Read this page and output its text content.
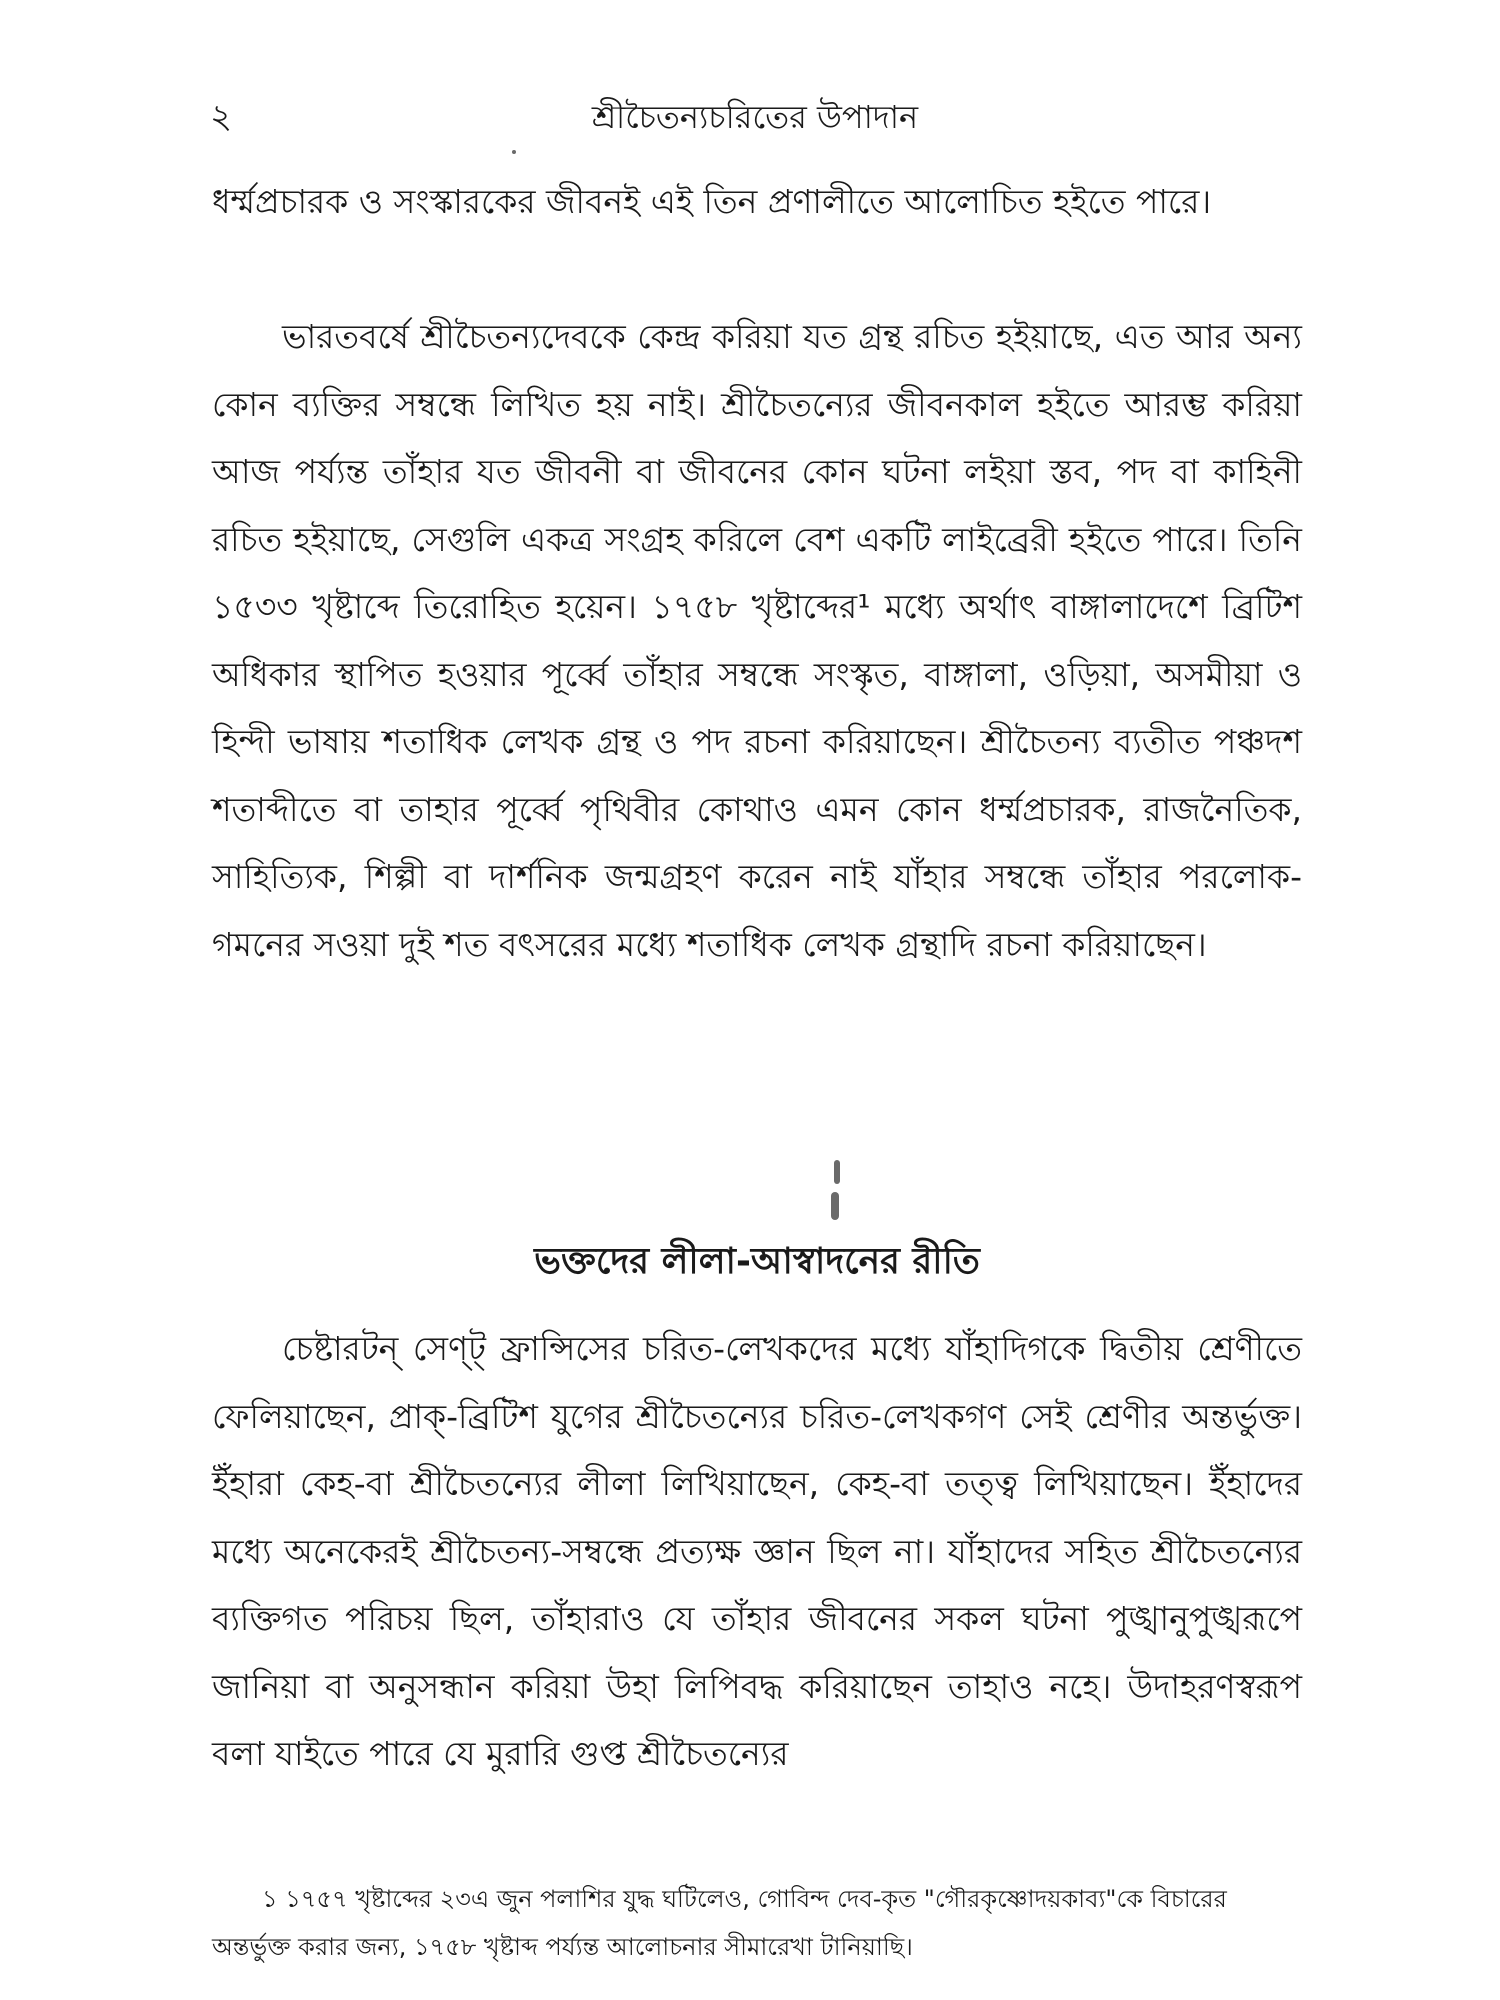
২	শ্রীচৈতন্যচরিতের উপাদান

ধর্ম্মপ্রচারক ও সংস্কারকের জীবনই এই তিন প্রণালীতে আলোচিত হইতে পারে।

ভারতবর্ষে শ্রীচৈতন্যদেবকে কেন্দ্র করিয়া যত গ্রন্থ রচিত হইয়াছে, এত আর অন্য কোন ব্যক্তির সম্বন্ধে লিখিত হয় নাই। শ্রীচৈতন্যের জীবনকাল হইতে আরম্ভ করিয়া আজ পর্য্যন্ত তাঁহার যত জীবনী বা জীবনের কোন ঘটনা লইয়া স্তব, পদ বা কাহিনী রচিত হইয়াছে, সেগুলি একত্র সংগ্রহ করিলে বেশ একটি লাইব্রেরী হইতে পারে। তিনি ১৫৩৩ খৃষ্টাব্দে তিরোহিত হয়েন। ১৭৫৮ খৃষ্টাব্দের¹ মধ্যে অর্থাৎ বাঙ্গালাদেশে ব্রিটিশ অধিকার স্থাপিত হওয়ার পূর্ব্বে তাঁহার সম্বন্ধে সংস্কৃত, বাঙ্গালা, ওড়িয়া, অসমীয়া ও হিন্দী ভাষায় শতাধিক লেখক গ্রন্থ ও পদ রচনা করিয়াছেন। শ্রীচৈতন্য ব্যতীত পঞ্চদশ শতাব্দীতে বা তাহার পূর্ব্বে পৃথিবীর কোথাও এমন কোন ধর্ম্মপ্রচারক, রাজনৈতিক, সাহিত্যিক, শিল্পী বা দার্শনিক জন্মগ্রহণ করেন নাই যাঁহার সম্বন্ধে তাঁহার পরলোক-গমনের সওয়া দুই শত বৎসরের মধ্যে শতাধিক লেখক গ্রন্থাদি রচনা করিয়াছেন।

ভক্তদের লীলা-আস্বাদনের রীতি

চেষ্টারটন্ সেণ্ট্ ফ্রান্সিসের চরিত-লেখকদের মধ্যে যাঁহাদিগকে দ্বিতীয় শ্রেণীতে ফেলিয়াছেন, প্রাক্-ব্রিটিশ যুগের শ্রীচৈতন্যের চরিত-লেখকগণ সেই শ্রেণীর অন্তর্ভুক্ত। ইঁহারা কেহ-বা শ্রীচৈতন্যের লীলা লিখিয়াছেন, কেহ-বা তত্ত্ব লিখিয়াছেন। ইঁহাদের মধ্যে অনেকেরই শ্রীচৈতন্য-সম্বন্ধে প্রত্যক্ষ জ্ঞান ছিল না। যাঁহাদের সহিত শ্রীচৈতন্যের ব্যক্তিগত পরিচয় ছিল, তাঁহারাও যে তাঁহার জীবনের সকল ঘটনা পুঙ্খানুপুঙ্খরূপে জানিয়া বা অনুসন্ধান করিয়া উহা লিপিবদ্ধ করিয়াছেন তাহাও নহে। উদাহরণস্বরূপ বলা যাইতে পারে যে মুরারি গুপ্ত শ্রীচৈতন্যের

১ ১৭৫৭ খৃষ্টাব্দের ২৩এ জুন পলাশির যুদ্ধ ঘটিলেও, গোবিন্দ দেব-কৃত "গৌরকৃষ্ণোদয়কাব্য"কে বিচারের অন্তর্ভুক্ত করার জন্য, ১৭৫৮ খৃষ্টাব্দ পর্য্যন্ত আলোচনার সীমারেখা টানিয়াছি।
